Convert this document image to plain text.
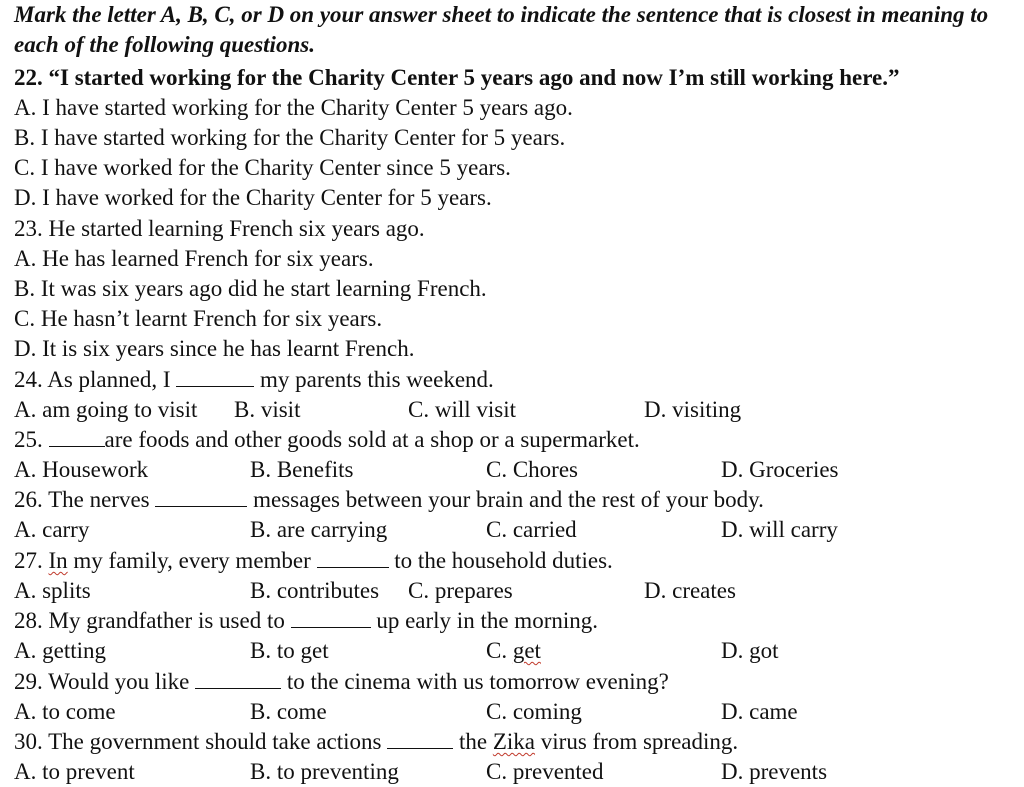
Mark the letter A, B, C, or D on your answer sheet to indicate the sentence that is closest in meaning to each of the following questions.
22. “I started working for the Charity Center 5 years ago and now I’m still working here.”
A. I have started working for the Charity Center 5 years ago.
B. I have started working for the Charity Center for 5 years.
C. I have worked for the Charity Center since 5 years.
D. I have worked for the Charity Center for 5 years.
23. He started learning French six years ago.
A. He has learned French for six years.
B. It was six years ago did he start learning French.
C. He hasn’t learnt French for six years.
D. It is six years since he has learnt French.
24. As planned, I	my parents this weekend.
A. am going to visit B. visit	C. will visit	D. visiting
25.	are foods and other goods sold at a shop or a supermarket.
A. Housework	B. Benefits	C. Chores	D. Groceries
26. The nerves	messages between your brain and the rest of your body.
A. carry	B. are carrying	C. carried	D. will carry
27. In my family, every member	to the household duties.
A. splits	B. contributes C. prepares	D. creates
28. My grandfather is used to	up early in the morning.
A. getting	B. to get	C. get	D. got
29. Would you like	to the cinema with us tomorrow evening?
A. to come	B. come	C. coming	D. came
30. The government should take actions	the Zika virus from spreading.
A. to prevent	B. to preventing	C. prevented	D. prevents
